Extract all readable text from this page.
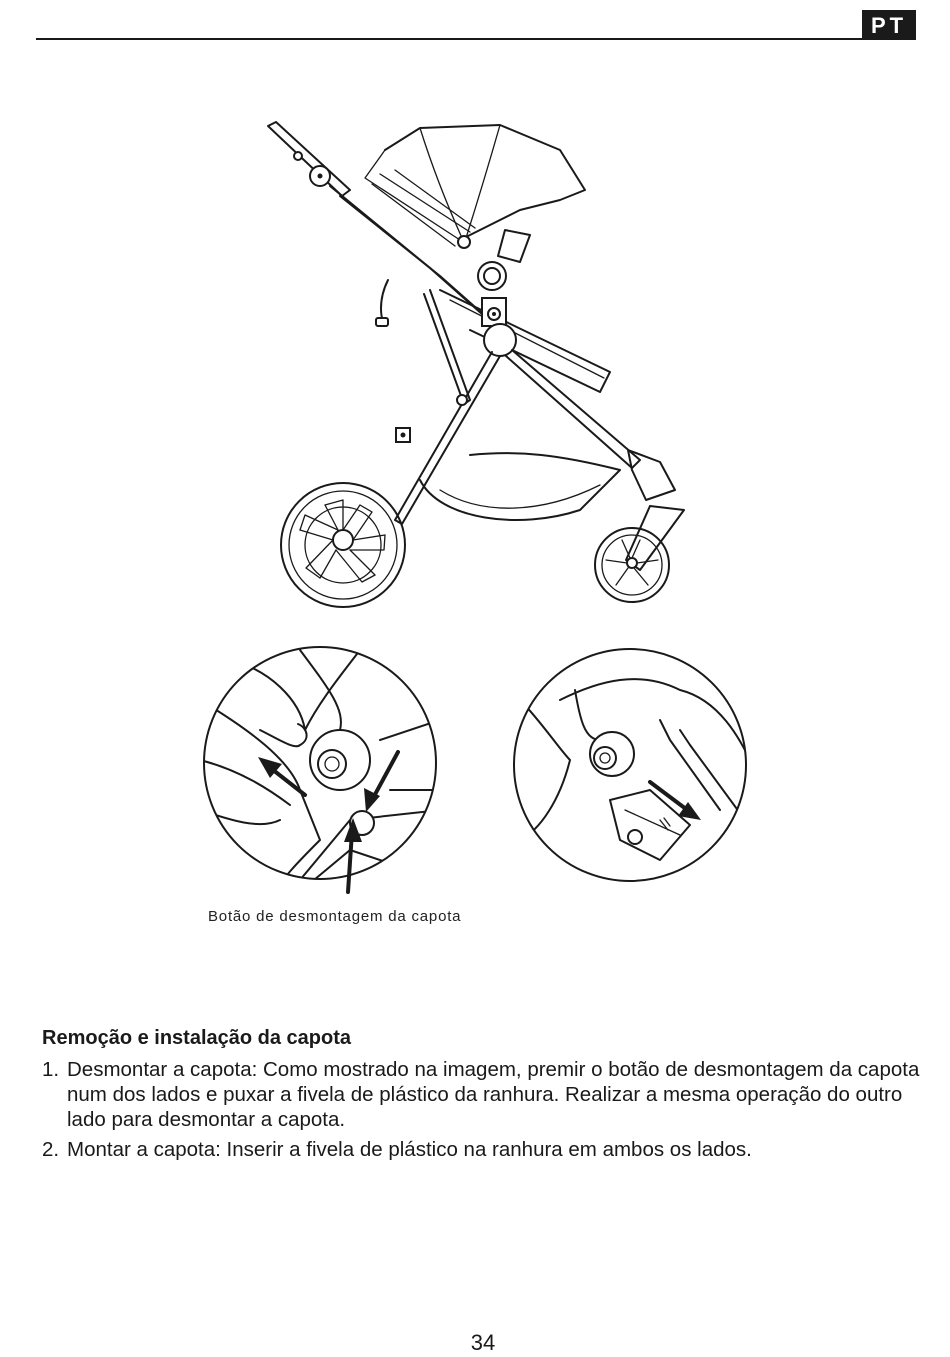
PT
Botão de desmontagem da capota
Remoção e instalação da capota
1. Desmontar a capota: Como mostrado na imagem, premir o botão de desmontagem da capota num dos lados e puxar a fivela de plástico da ranhura. Realizar a mesma operação do outro lado para desmontar a capota.
2. Montar a capota: Inserir a fivela de plástico na ranhura em ambos os lados.
34
